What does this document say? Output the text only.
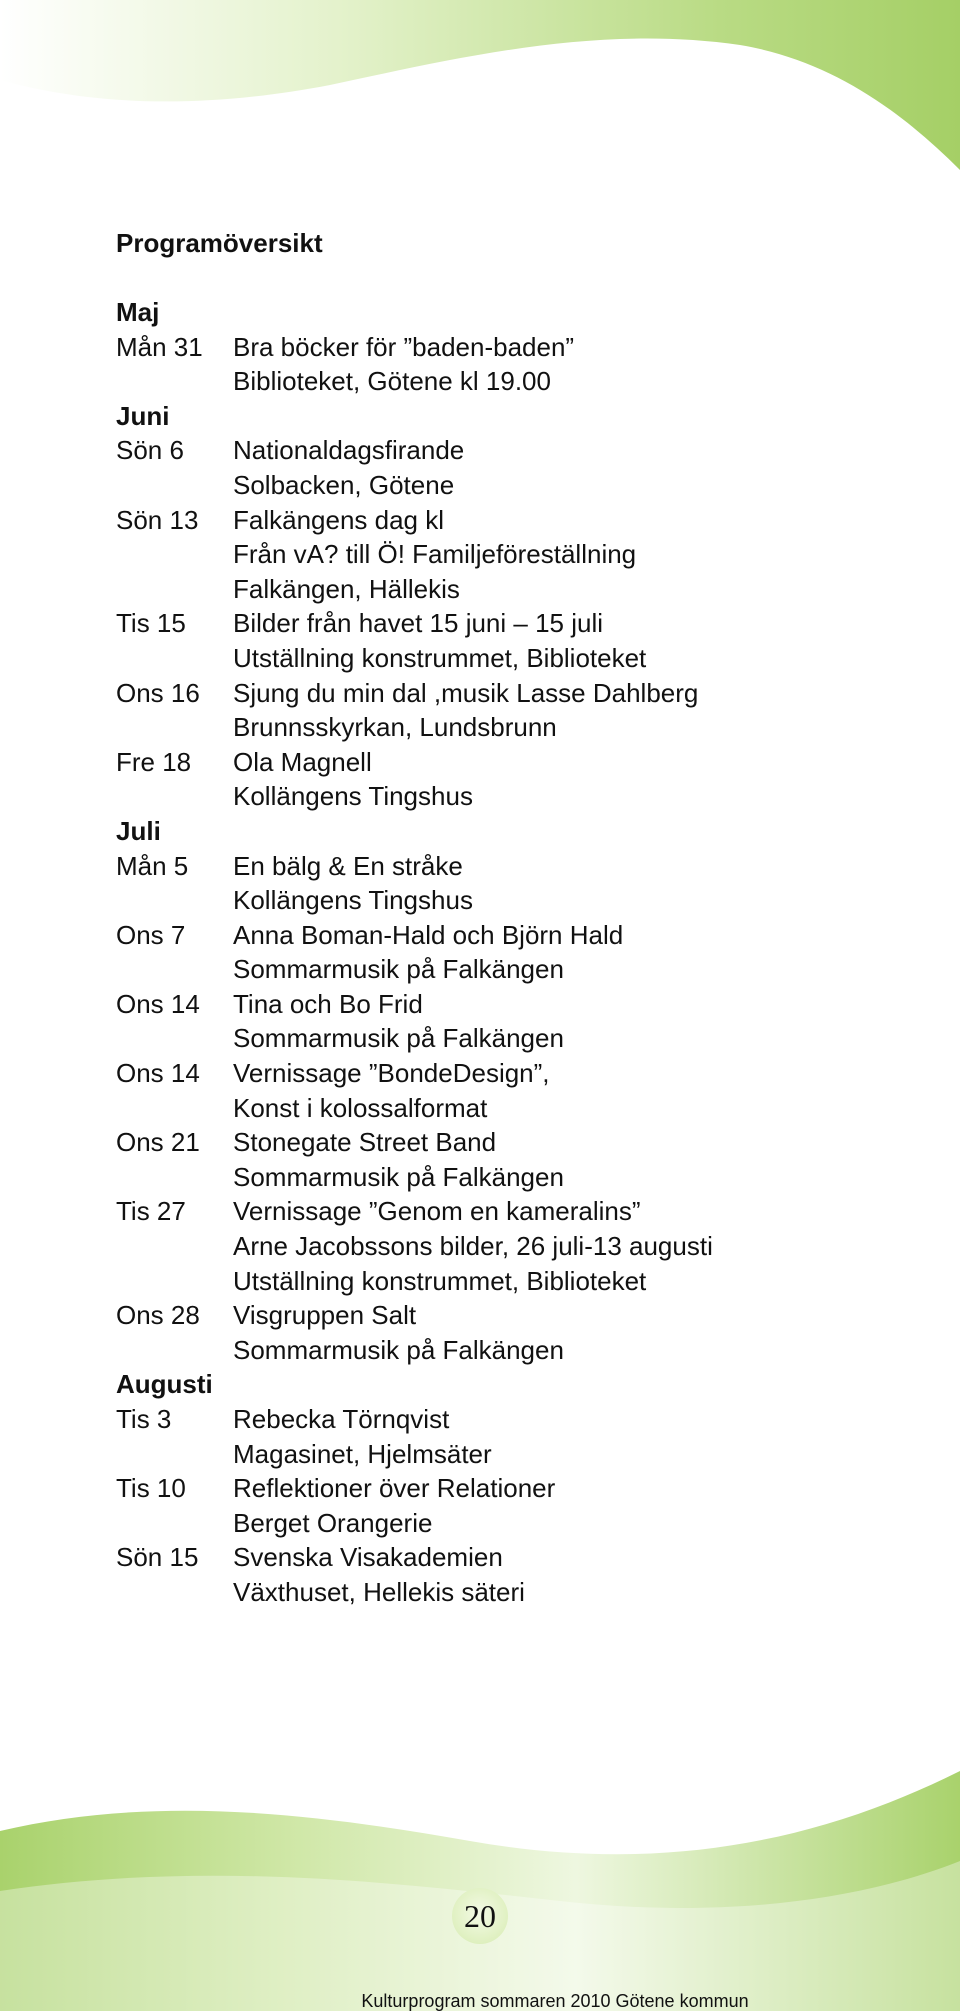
Programöversikt
Maj
Mån 31	Bra böcker för ”baden-baden”
Biblioteket, Götene kl 19.00
Juni
Sön 6	Nationaldagsfirande
Solbacken, Götene
Sön 13	Falkängens dag kl
Från vA? till Ö! Familjeföreställning
Falkängen, Hällekis
Tis 15	Bilder från havet 15 juni – 15 juli
Utställning konstrummet, Biblioteket
Ons 16	Sjung du min dal ,musik Lasse Dahlberg
Brunnsskyrkan, Lundsbrunn
Fre 18	Ola Magnell
Kollängens Tingshus
Juli
Mån 5	En bälg & En stråke
Kollängens Tingshus
Ons 7	Anna Boman-Hald och Björn Hald
Sommarmusik på Falkängen
Ons 14	Tina och Bo Frid
Sommarmusik på Falkängen
Ons 14	Vernissage ”BondeDesign”,
Konst i kolossalformat
Ons 21	Stonegate Street Band
Sommarmusik på Falkängen
Tis 27	Vernissage ”Genom en kameralins”
Arne Jacobssons bilder, 26 juli-13 augusti
Utställning konstrummet, Biblioteket
Ons 28	Visgruppen Salt
Sommarmusik på Falkängen
Augusti
Tis 3	Rebecka Törnqvist
Magasinet, Hjelmsäter
Tis 10	Reflektioner över Relationer
Berget Orangerie
Sön 15	Svenska Visakademien
Växthuset, Hellekis säteri
20
Kulturprogram sommaren 2010 Götene kommun
